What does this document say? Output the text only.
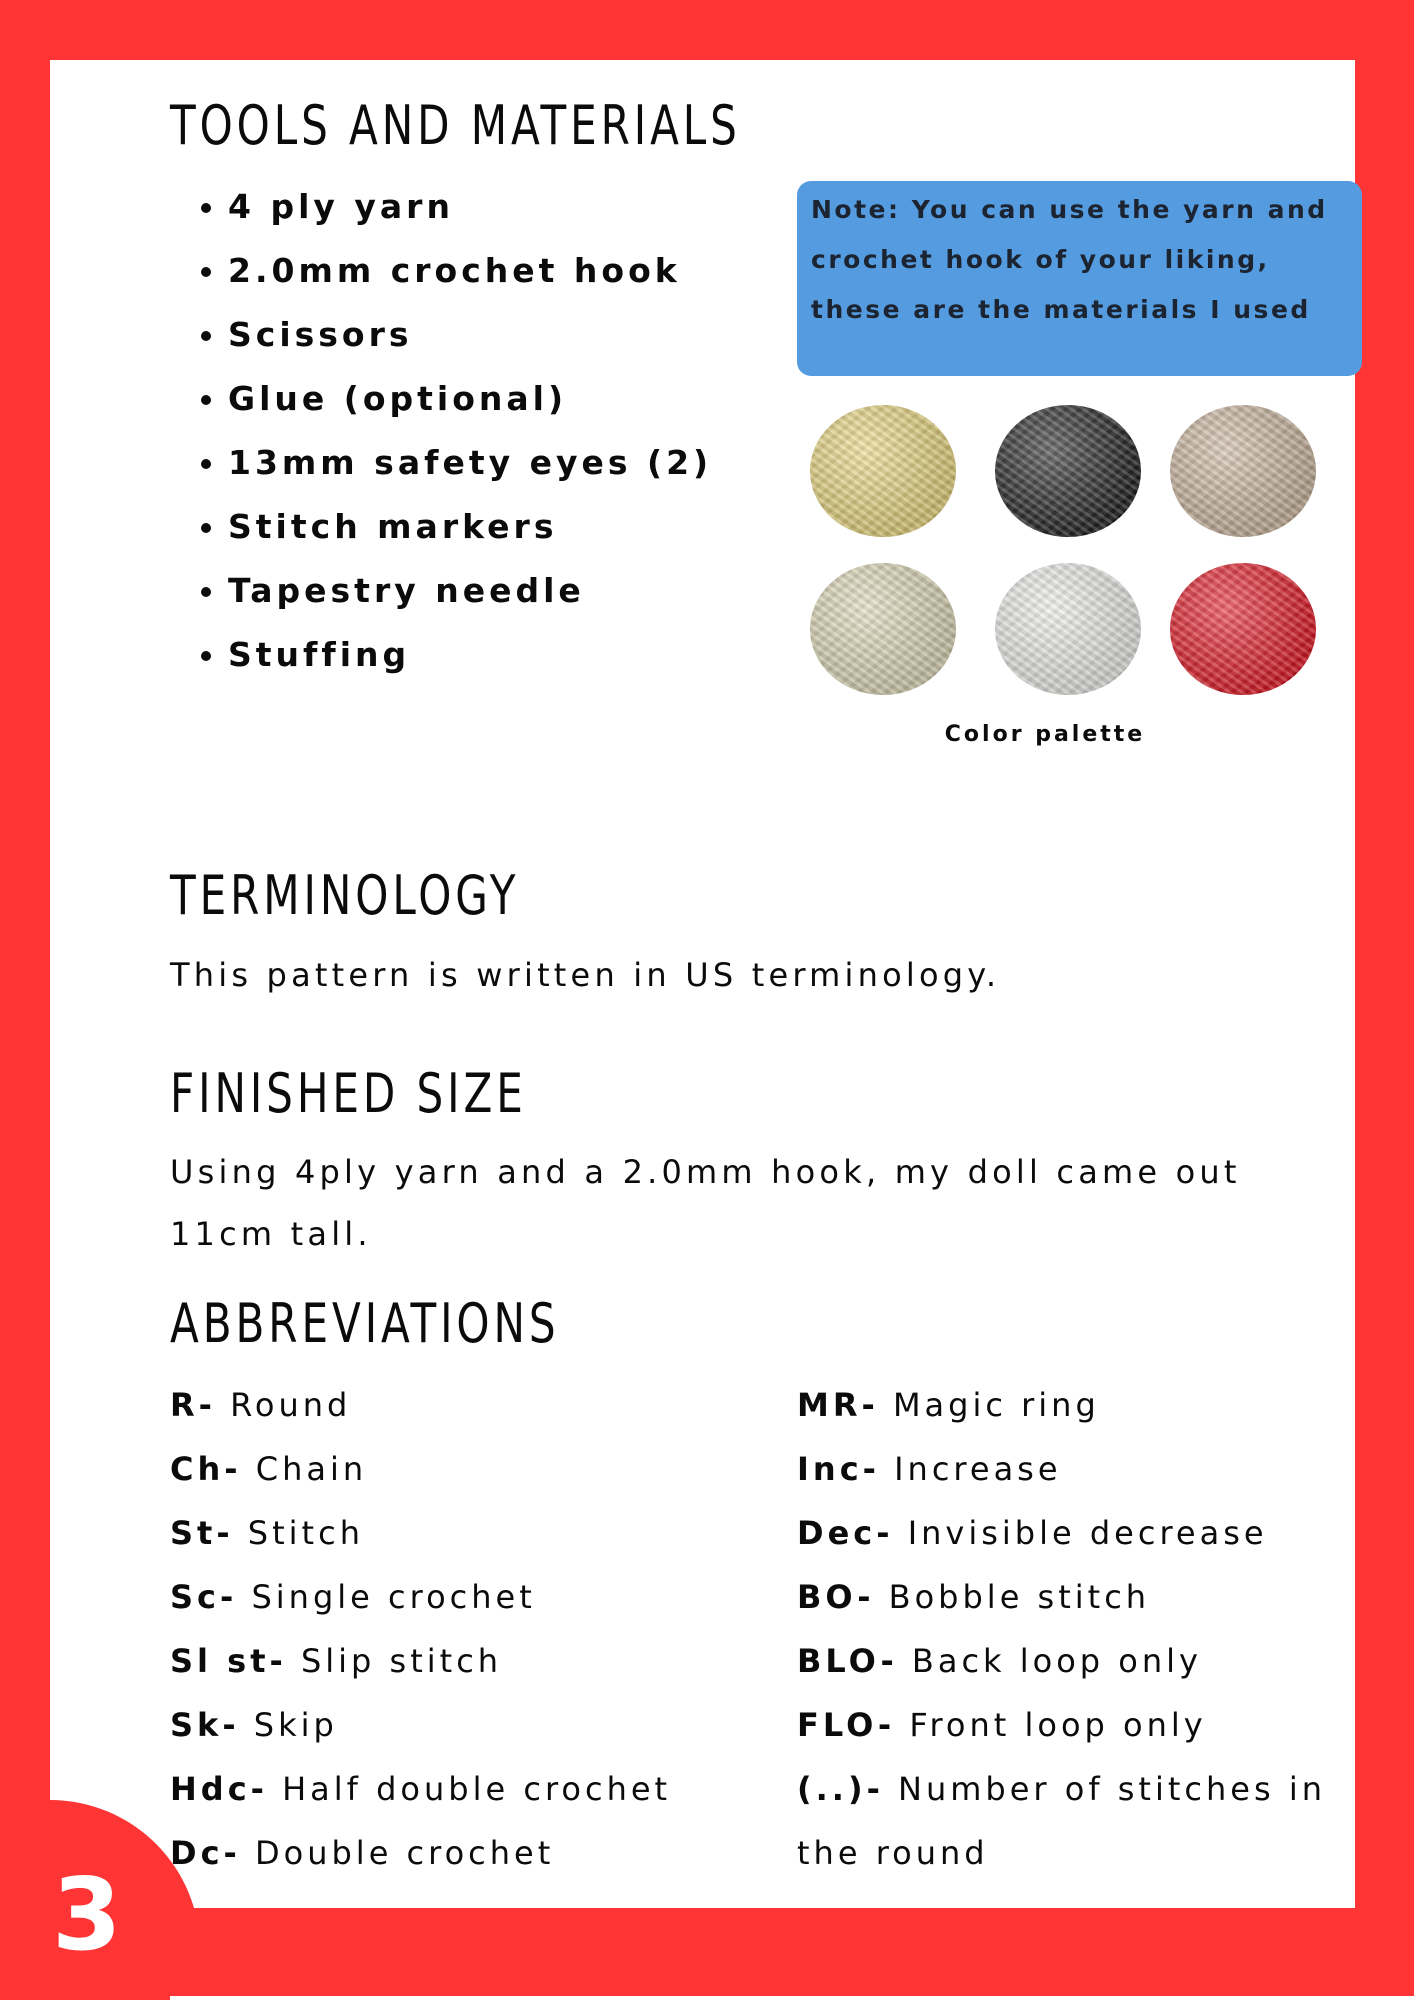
TOOLS AND MATERIALS
• 4 ply yarn
• 2.0mm crochet hook
• Scissors
• Glue (optional)
• 13mm safety eyes (2)
• Stitch markers
• Tapestry needle
• Stuffing
Note: You can use the yarn and crochet hook of your liking, these are the materials I used
Color palette
TERMINOLOGY

This pattern is written in US terminology.

FINISHED SIZE

Using 4ply yarn and a 2.0mm hook, my doll came out 11cm tall.

ABBREVIATIONS
R- Round
Ch- Chain
St- Stitch
Sc- Single crochet
Sl st- Slip stitch
Sk- Skip
Hdc- Half double crochet
Dc- Double crochet
MR- Magic ring
Inc- Increase
Dec- Invisible decrease
BO- Bobble stitch
BLO- Back loop only
FLO- Front loop only
(..)- Number of stitches in the round
3
